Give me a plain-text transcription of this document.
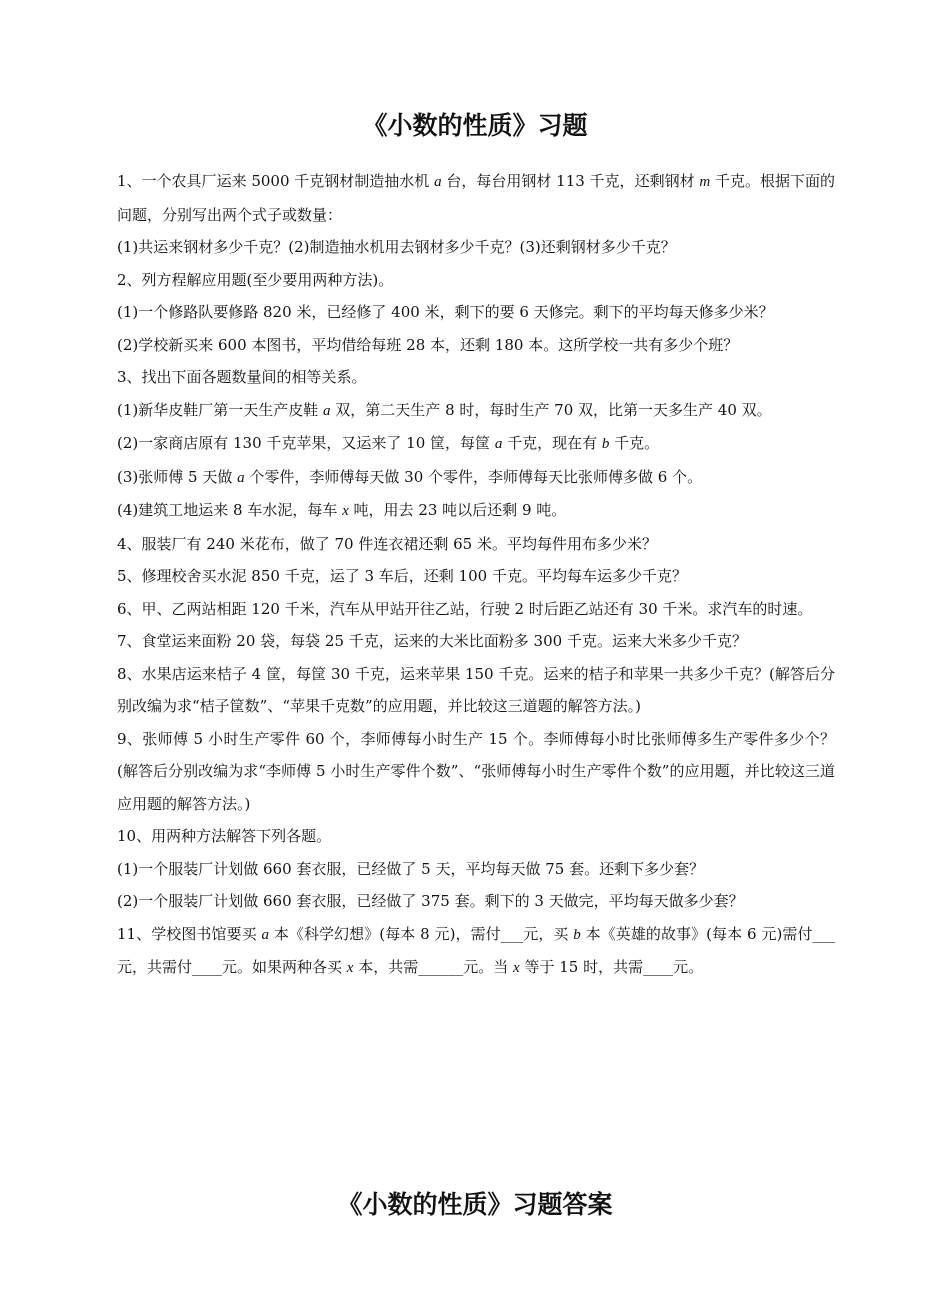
《小数的性质》习题

1、一个农具厂运来 5000 千克钢材制造抽水机 a 台，每台用钢材 113 千克，还剩钢材 m 千克。根据下面的问题，分别写出两个式子或数量：

(1)共运来钢材多少千克？(2)制造抽水机用去钢材多少千克？(3)还剩钢材多少千克？

2、列方程解应用题(至少要用两种方法)。

(1)一个修路队要修路 820 米，已经修了 400 米，剩下的要 6 天修完。剩下的平均每天修多少米？

(2)学校新买来 600 本图书，平均借给每班 28 本，还剩 180 本。这所学校一共有多少个班？

3、找出下面各题数量间的相等关系。

(1)新华皮鞋厂第一天生产皮鞋 a 双，第二天生产 8 时，每时生产 70 双，比第一天多生产 40 双。

(2)一家商店原有 130 千克苹果，又运来了 10 筐，每筐 a 千克，现在有 b 千克。

(3)张师傅 5 天做 a 个零件，李师傅每天做 30 个零件，李师傅每天比张师傅多做 6 个。

(4)建筑工地运来 8 车水泥，每车 x 吨，用去 23 吨以后还剩 9 吨。

4、服装厂有 240 米花布，做了 70 件连衣裙还剩 65 米。平均每件用布多少米？

5、修理校舍买水泥 850 千克，运了 3 车后，还剩 100 千克。平均每车运多少千克？

6、甲、乙两站相距 120 千米，汽车从甲站开往乙站，行驶 2 时后距乙站还有 30 千米。求汽车的时速。

7、食堂运来面粉 20 袋，每袋 25 千克，运来的大米比面粉多 300 千克。运来大米多少千克？

8、水果店运来桔子 4 筐，每筐 30 千克，运来苹果 150 千克。运来的桔子和苹果一共多少千克？(解答后分别改编为求“桔子筐数”、“苹果千克数”的应用题，并比较这三道题的解答方法。)

9、张师傅 5 小时生产零件 60 个，李师傅每小时生产 15 个。李师傅每小时比张师傅多生产零件多少个？(解答后分别改编为求“李师傅 5 小时生产零件个数”、“张师傅每小时生产零件个数”的应用题，并比较这三道应用题的解答方法。)

10、用两种方法解答下列各题。

(1)一个服装厂计划做 660 套衣服，已经做了 5 天，平均每天做 75 套。还剩下多少套？

(2)一个服装厂计划做 660 套衣服，已经做了 375 套。剩下的 3 天做完，平均每天做多少套？

11、学校图书馆要买 a 本《科学幻想》(每本 8 元)，需付___元，买 b 本《英雄的故事》(每本 6 元)需付___元，共需付____元。如果两种各买 x 本，共需______元。当 x 等于 15 时，共需____元。

《小数的性质》习题答案
